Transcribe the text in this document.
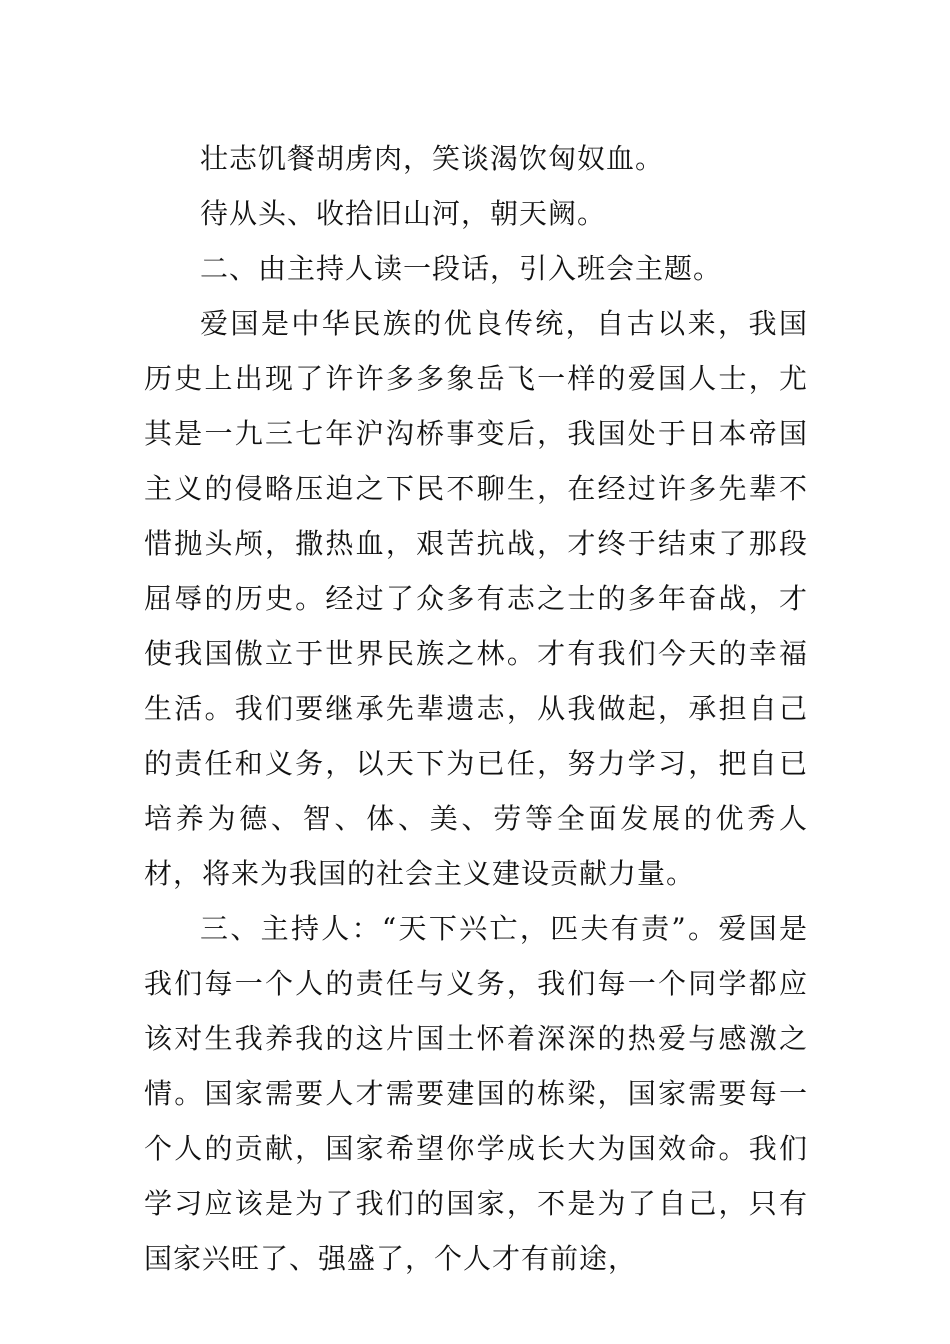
壮志饥餐胡虏肉，笑谈渴饮匈奴血。

待从头、收拾旧山河，朝天阙。

二、由主持人读一段话，引入班会主题。

爱国是中华民族的优良传统，自古以来，我国历史上出现了许许多多象岳飞一样的爱国人士，尤其是一九三七年沪沟桥事变后，我国处于日本帝国主义的侵略压迫之下民不聊生，在经过许多先辈不惜抛头颅，撒热血，艰苦抗战，才终于结束了那段屈辱的历史。经过了众多有志之士的多年奋战，才使我国傲立于世界民族之林。才有我们今天的幸福生活。我们要继承先辈遗志，从我做起，承担自己的责任和义务，以天下为已任，努力学习，把自已培养为德、智、体、美、劳等全面发展的优秀人材，将来为我国的社会主义建设贡献力量。

三、主持人：“天下兴亡，匹夫有责”。爱国是我们每一个人的责任与义务，我们每一个同学都应该对生我养我的这片国土怀着深深的热爱与感激之情。国家需要人才需要建国的栋梁，国家需要每一个人的贡献，国家希望你学成长大为国效命。我们学习应该是为了我们的国家，不是为了自己，只有国家兴旺了、强盛了，个人才有前途，
